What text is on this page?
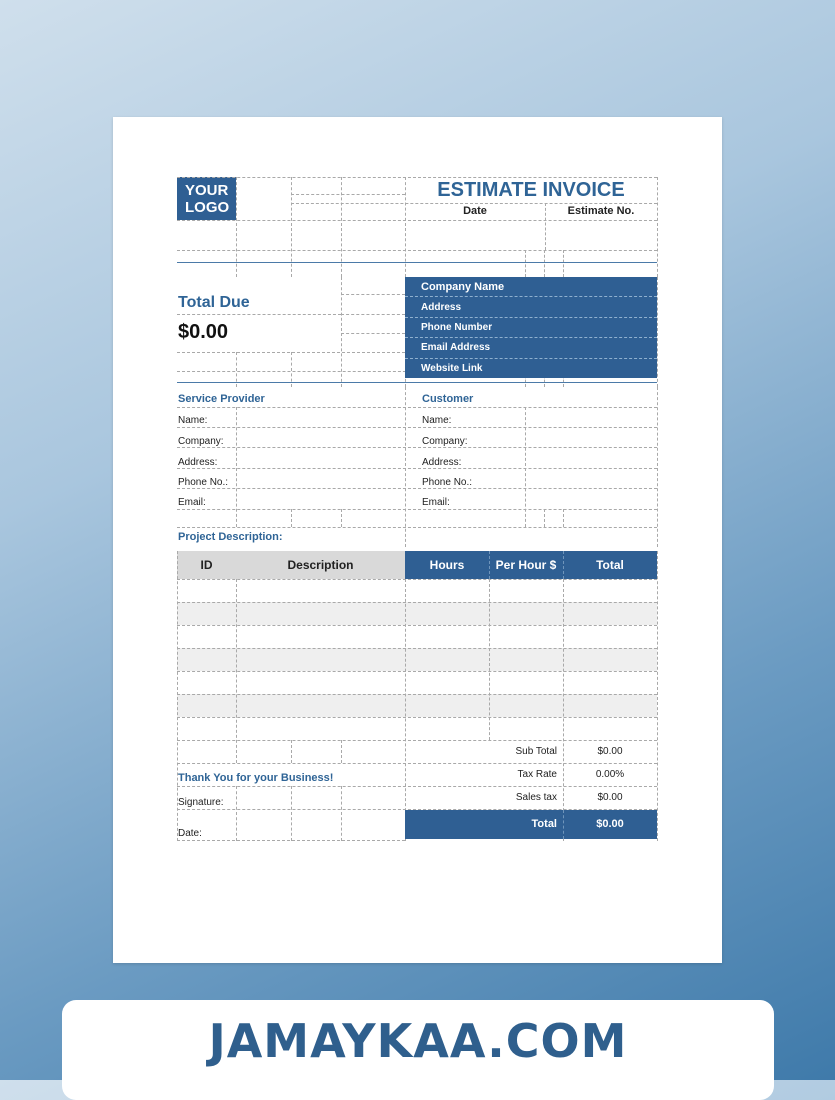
YOUR
LOGO
ESTIMATE INVOICE
Date	Estimate No.
Total Due
$0.00
Company Name
Address
Phone Number
Email Address
Website Link
Service Provider	Customer
Name:
Company:
Address:
Phone No.:
Email:
Name:
Company:
Address:
Phone No.:
Email:
Project Description:
ID	Description	Hours	Per Hour $	Total
Sub Total	$0.00
Tax Rate	0.00%
Sales tax	$0.00
Total	$0.00
Thank You for your Business!
Signature:
Date:
JAMAYKAA.COM
